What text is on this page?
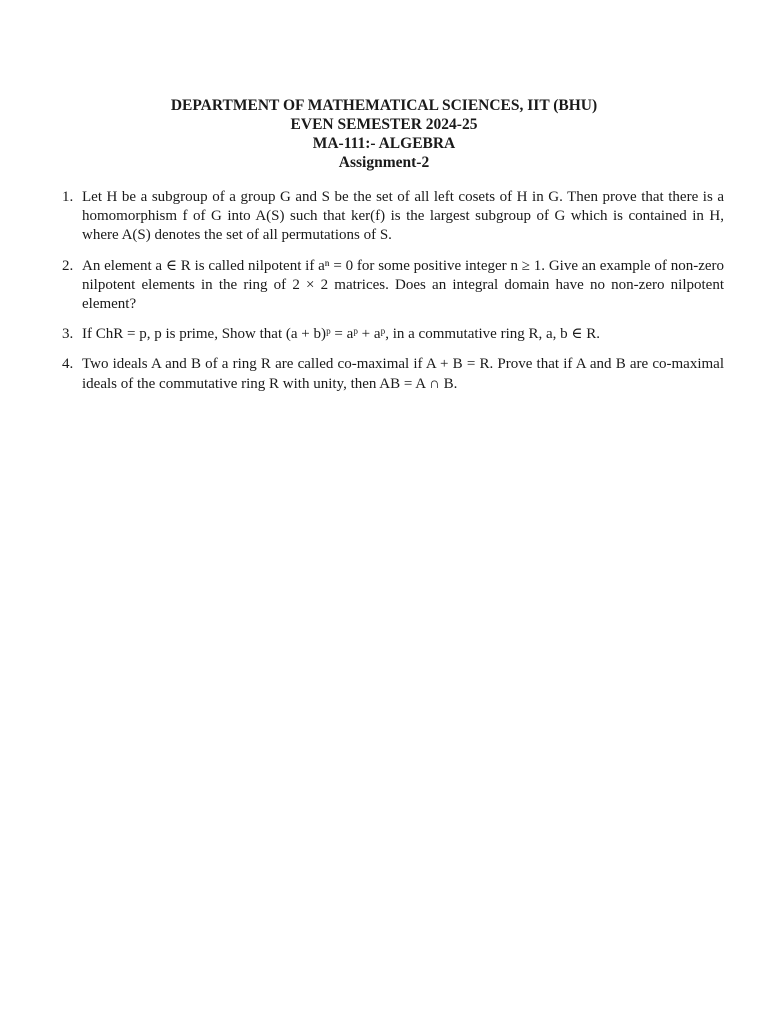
DEPARTMENT OF MATHEMATICAL SCIENCES, IIT (BHU)
EVEN SEMESTER 2024-25
MA-111:- ALGEBRA
Assignment-2
1. Let H be a subgroup of a group G and S be the set of all left cosets of H in G. Then prove that there is a homomorphism f of G into A(S) such that ker(f) is the largest subgroup of G which is contained in H, where A(S) denotes the set of all permutations of S.
2. An element a ∈ R is called nilpotent if aⁿ = 0 for some positive integer n ≥ 1. Give an example of non-zero nilpotent elements in the ring of 2 × 2 matrices. Does an integral domain have no non-zero nilpotent element?
3. If ChR = p, p is prime, Show that (a + b)ᵖ = aᵖ + aᵖ, in a commutative ring R, a, b ∈ R.
4. Two ideals A and B of a ring R are called co-maximal if A + B = R. Prove that if A and B are co-maximal ideals of the commutative ring R with unity, then AB = A ∩ B.
